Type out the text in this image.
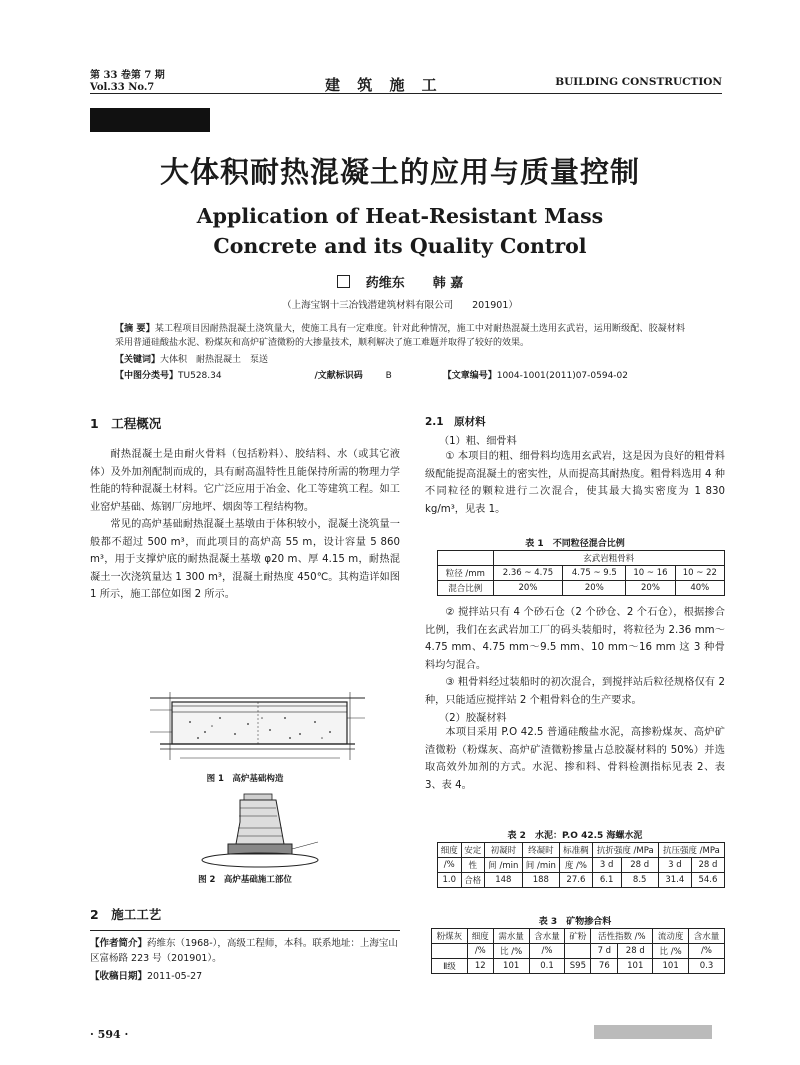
第 33 卷第 7 期
Vol.33 No.7	建 筑 施 工	BUILDING CONSTRUCTION
大体积耐热混凝土的应用与质量控制
Application of Heat-Resistant Mass
Concrete and its Quality Control
药维东 韩 嘉
（上海宝钢十三冶钱潜建筑材料有限公司　　201901）
【摘 要】某工程项目因耐热混凝土浇筑量大，使施工具有一定难度。针对此种情况，施工中对耐热混凝土选用玄武岩，运用断级配、胶凝材料采用普通硅酸盐水泥、粉煤灰和高炉矿渣微粉的大掺量技术，顺利解决了施工难题并取得了较好的效果。
【关键词】大体积　耐热混凝土　泵送
【中图分类号】TU528.34	/文献标识码	B	【文章编号】1004-1001(2011)07-0594-02
1　工程概况
耐热混凝土是由耐火骨料（包括粉料）、胶结料、水（或其它液体）及外加剂配制而成的，具有耐高温特性且能保持所需的物理力学性能的特种混凝土材料。它广泛应用于冶金、化工等建筑工程。如工业窑炉基础、炼钢厂房地坪、烟囱等工程结构物。
常见的高炉基础耐热混凝土基墩由于体积较小，混凝土浇筑量一般都不超过 500 m³，而此项目的高炉高 55 m，设计容量 5 860 m³，用于支撑炉底的耐热混凝土基墩 φ20 m、厚 4.15 m，耐热混凝土一次浇筑量达 1 300 m³，混凝土耐热度 450℃。其构造详如图 1 所示，施工部位如图 2 所示。
图 1　高炉基础构造
图 2　高炉基础施工部位
2　施工工艺
【作者简介】药维东（1968-），高级工程师，本科。联系地址：上海宝山区富杨路 223 号（201901）。
【收稿日期】2011-05-27
2.1　原材料
（1）粗、细骨料
① 本项目的粗、细骨料均选用玄武岩，这是因为良好的粗骨料级配能提高混凝土的密实性，从而提高其耐热度。粗骨料选用 4 种不同粒径的颗粒进行二次混合，使其最大捣实密度为 1 830 kg/m³，见表 1。
表 1　不同粒径混合比例
	玄武岩粗骨料			
粒径 /mm	2.36 ~ 4.75	4.75 ~ 9.5	10 ~ 16	10 ~ 22
混合比例	20%	20%	20%	40%
② 搅拌站只有 4 个砂石仓（2 个砂仓、2 个石仓），根据掺合比例，我们在玄武岩加工厂的码头装船时，将粒径为 2.36 mm～4.75 mm、4.75 mm～9.5 mm、10 mm～16 mm 这 3 种骨料均匀混合。
③ 粗骨料经过装船时的初次混合，到搅拌站后粒径规格仅有 2 种，只能适应搅拌站 2 个粗骨料仓的生产要求。
（2）胶凝材料
本项目采用 P.O 42.5 普通硅酸盐水泥，高掺粉煤灰、高炉矿渣微粉（粉煤灰、高炉矿渣微粉掺量占总胶凝材料的 50%）并选取高效外加剂的方式。水泥、掺和料、骨料检测指标见表 2、表 3、表 4。
表 2　水泥：P.O 42.5 海螺水泥
细度	安定	初凝时	终凝时	标准稠	抗折强度 /MPa		抗压强度 /MPa	
/%	性	间 /min	间 /min	度 /%	3 d	28 d	3 d	28 d
1.0	合格	148	188	27.6	6.1	8.5	31.4	54.6
表 3　矿物掺合料
粉煤灰	细度	需水量	含水量	矿粉	活性指数 /%		流动度	含水量
	/%	比 /%	/%		7 d	28 d	比 /%	/%
Ⅱ级	12	101	0.1	S95	76	101	101	0.3
· 594 ·
